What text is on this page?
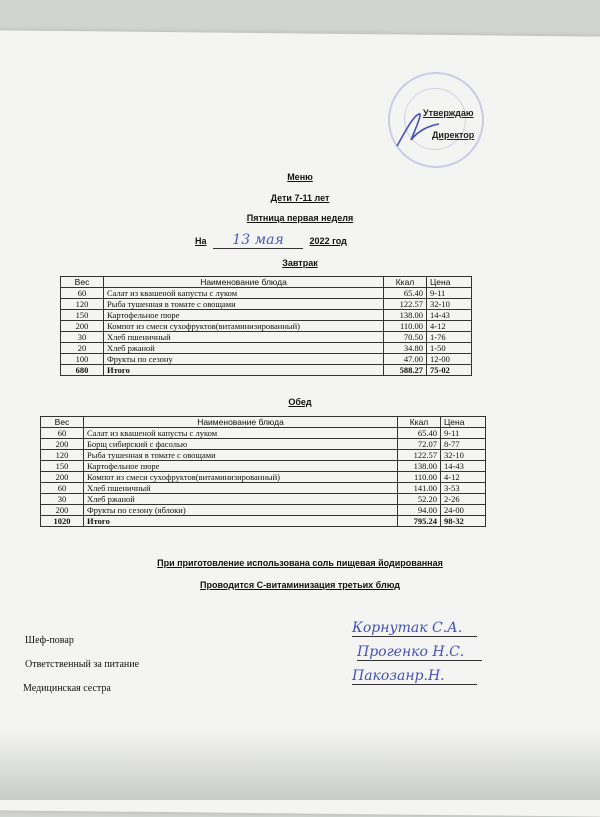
Утверждаю
Директор
Меню
Дети 7-11 лет
Пятница первая неделя
На 13 мая	2022 год
Завтрак
Вес	Наименование блюда	Ккал	Цена
60	Салат из квашеной капусты с луком	65.40	9-11
120	Рыба тушенная в томате с овощами	122.57	32-10
150	Картофельное пюре	138.00	14-43
200	Компот из смеси сухофруктов(витаминизированный)	110.00	4-12
30	Хлеб пшеничный	70.50	1-76
20	Хлеб ржаной	34.80	1-50
100	Фрукты по сезону	47.00	12-00
680	Итого	588.27	75-02
Обед
Вес	Наименование блюда	Ккал	Цена
60	Салат из квашеной капусты с луком	65.40	9-11
200	Борщ сибирский с фасолью	72.07	8-77
120	Рыба тушенная в томате с овощами	122.57	32-10
150	Картофельное пюре	138.00	14-43
200	Компот из смеси сухофруктов(витаминизированный)	110.00	4-12
60	Хлеб пшеничный	141.00	3-53
30	Хлеб ржаной	52.20	2-26
200	Фрукты по сезону (яблоки)	94.00	24-00
1020	Итого	795.24	98-32
При приготовление использована соль пищевая йодированная
Проводится С-витаминизация третьих блюд
Шеф-повар
Ответственный за питание
Медицинская сестра
Корнутак С.А.
Прогенко Н.С.
Пакозанр.Н.
